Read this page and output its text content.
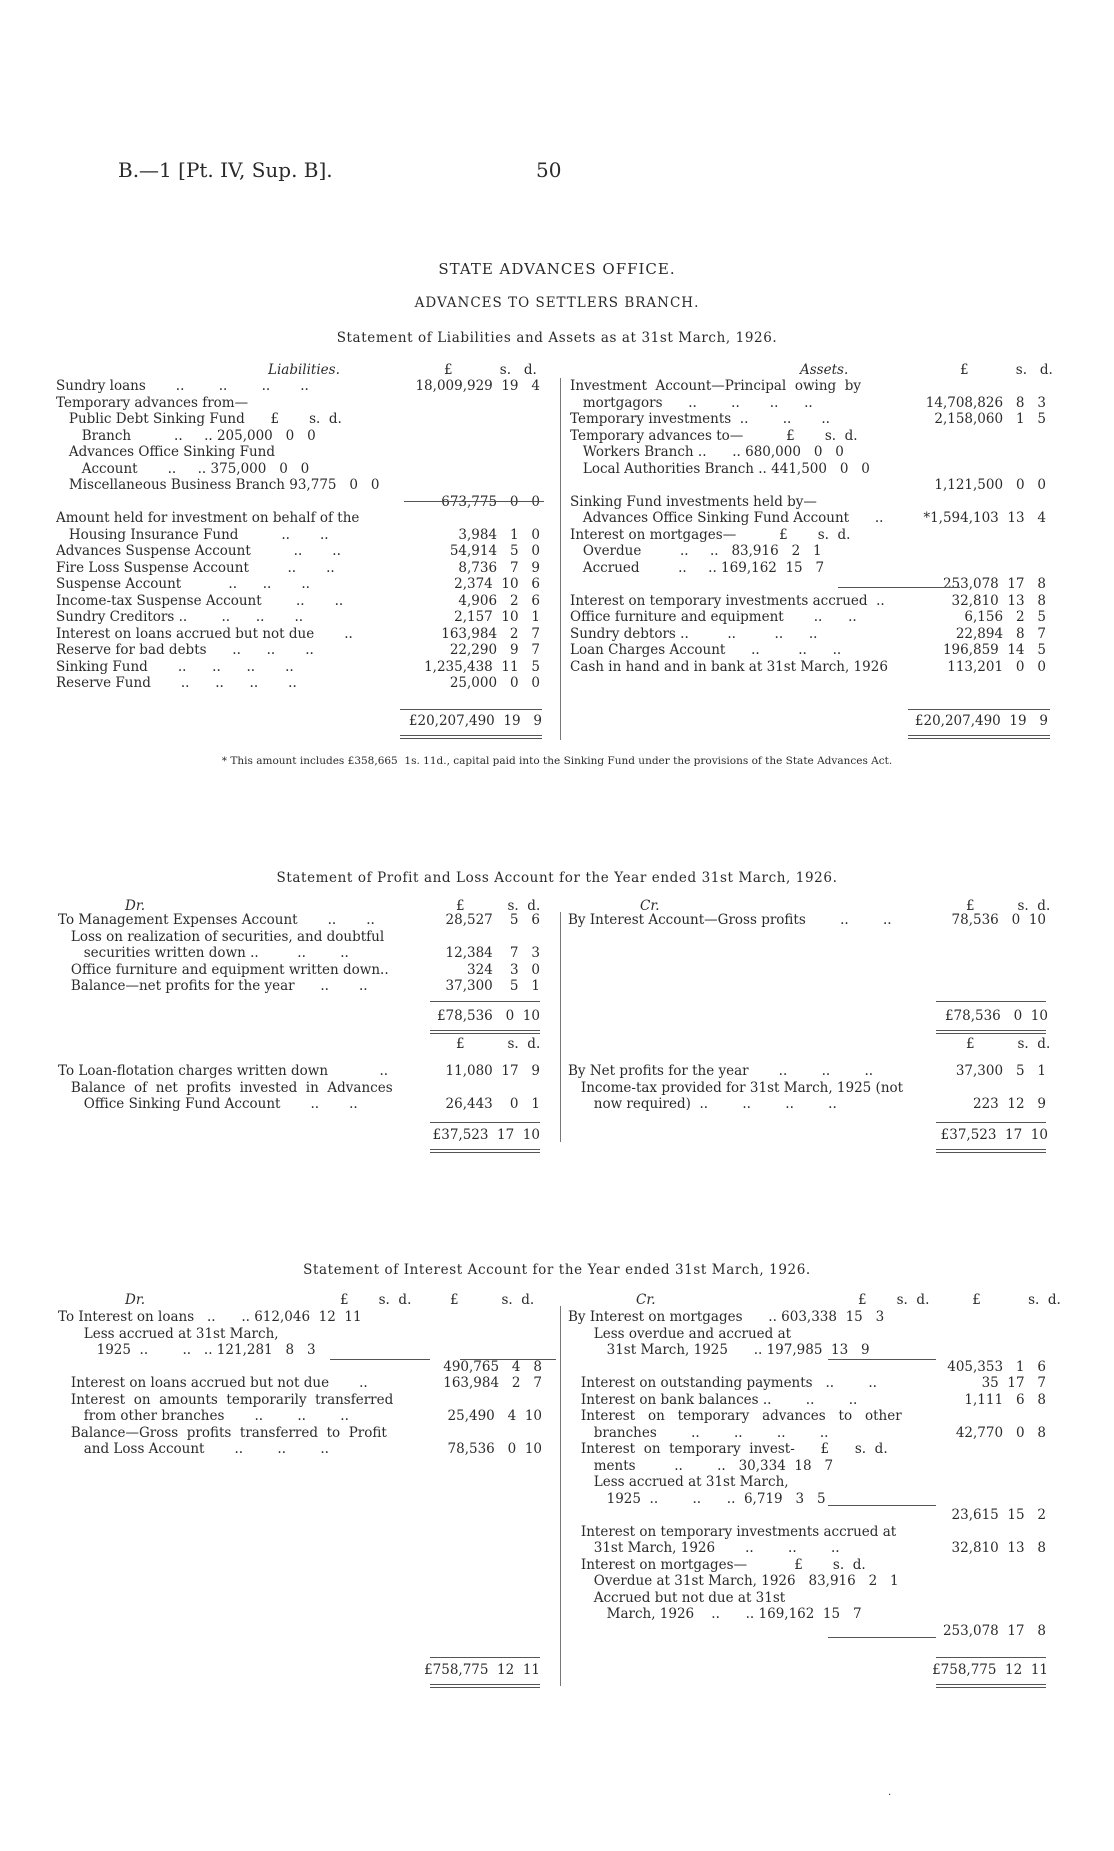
B.—1 [Pt. IV, Sup. B].	50
STATE ADVANCES OFFICE.
ADVANCES TO SETTLERS BRANCH.
Statement of Liabilities and Assets as at 31st March, 1926.
Liabilities.	£           s.   d.	Assets.	£           s.   d.
Sundry loans       ..        ..        ..       ..	18,009,929  19   4
Temporary advances from—
Public Debt Sinking Fund      £       s.  d.
Branch          ..     .. 205,000   0   0
Advances Office Sinking Fund
Account       ..     .. 375,000   0   0
Miscellaneous Business Branch 93,775   0   0
673,775   0   0
Amount held for investment on behalf of the
Housing Insurance Fund          ..       ..	3,984   1   0
Advances Suspense Account          ..       ..	54,914   5   0
Fire Loss Suspense Account         ..       ..	8,736   7   9
Suspense Account           ..      ..       ..	2,374  10   6
Income-tax Suspense Account        ..       ..	4,906   2   6
Sundry Creditors ..        ..      ..       ..	2,157  10   1
Interest on loans accrued but not due       ..	163,984   2   7
Reserve for bad debts      ..      ..       ..	22,290   9   7
Sinking Fund       ..      ..      ..       ..	1,235,438  11   5
Reserve Fund       ..      ..      ..       ..	25,000   0   0
Investment  Account—Principal  owing  by
mortgagors      ..        ..       ..      ..	14,708,826   8   3
Temporary investments  ..        ..       ..	2,158,060   1   5
Temporary advances to—          £       s.  d.
Workers Branch ..      .. 680,000   0   0
Local Authorities Branch .. 441,500   0   0
1,121,500   0   0
Sinking Fund investments held by—
Advances Office Sinking Fund Account      ..	*1,594,103  13   4
Interest on mortgages—          £       s.  d.
Overdue         ..     ..   83,916   2   1
Accrued         ..     .. 169,162  15   7
253,078  17   8
Interest on temporary investments accrued  ..	32,810  13   8
Office furniture and equipment       ..      ..	6,156   2   5
Sundry debtors ..         ..         ..      ..	22,894   8   7
Loan Charges Account      ..         ..      ..	196,859  14   5
Cash in hand and in bank at 31st March, 1926	113,201   0   0
£20,207,490  19   9	£20,207,490  19   9
* This amount includes £358,665  1s. 11d., capital paid into the Sinking Fund under the provisions of the State Advances Act.
Statement of Profit and Loss Account for the Year ended 31st March, 1926.
Dr.	£          s.  d.	Cr.	£          s.  d.
To Management Expenses Account       ..       ..	28,527    5   6
Loss on realization of securities, and doubtful
securities written down ..         ..        ..	12,384    7   3
Office furniture and equipment written down..	324    3   0
Balance—net profits for the year      ..       ..	37,300    5   1
By Interest Account—Gross profits        ..        ..	78,536   0  10
£78,536   0  10	£78,536   0  10
£          s.  d.	£          s.  d.
To Loan-flotation charges written down            ..	11,080  17   9
Balance  of  net  profits  invested  in  Advances
Office Sinking Fund Account       ..       ..	26,443    0   1
By Net profits for the year       ..        ..        ..	37,300   5   1
Income-tax provided for 31st March, 1925 (not
now required)  ..        ..        ..        ..	223  12   9
£37,523  17  10	£37,523  17  10
Statement of Interest Account for the Year ended 31st March, 1926.
Dr.	£       s.  d.         £          s.  d.	Cr.	£       s.  d.          £           s.  d.
To Interest on loans   ..      .. 612,046  12  11
Less accrued at 31st March,
1925  ..        ..   .. 121,281   8   3
490,765   4   8
Interest on loans accrued but not due       ..	163,984   2   7
Interest  on  amounts  temporarily  transferred
from other branches       ..        ..        ..	25,490   4  10
Balance—Gross  profits  transferred  to  Profit
and Loss Account       ..        ..        ..	78,536   0  10
By Interest on mortgages      .. 603,338  15   3
Less overdue and accrued at
31st March, 1925      .. 197,985  13   9
405,353   1   6
Interest on outstanding payments   ..        ..	35  17   7
Interest on bank balances ..        ..        ..	1,111   6   8
Interest   on   temporary   advances   to   other
branches        ..        ..        ..        ..	42,770   0   8
Interest  on  temporary  invest-      £      s.  d.
ments         ..        ..   30,334  18   7
Less accrued at 31st March,
1925  ..        ..      ..  6,719   3   5
23,615  15   2
Interest on temporary investments accrued at
31st March, 1926       ..        ..        ..	32,810  13   8
Interest on mortgages—           £       s.  d.
Overdue at 31st March, 1926   83,916   2   1
Accrued but not due at 31st
March, 1926    ..      .. 169,162  15   7
253,078  17   8
£758,775  12  11	£758,775  12  11
·
